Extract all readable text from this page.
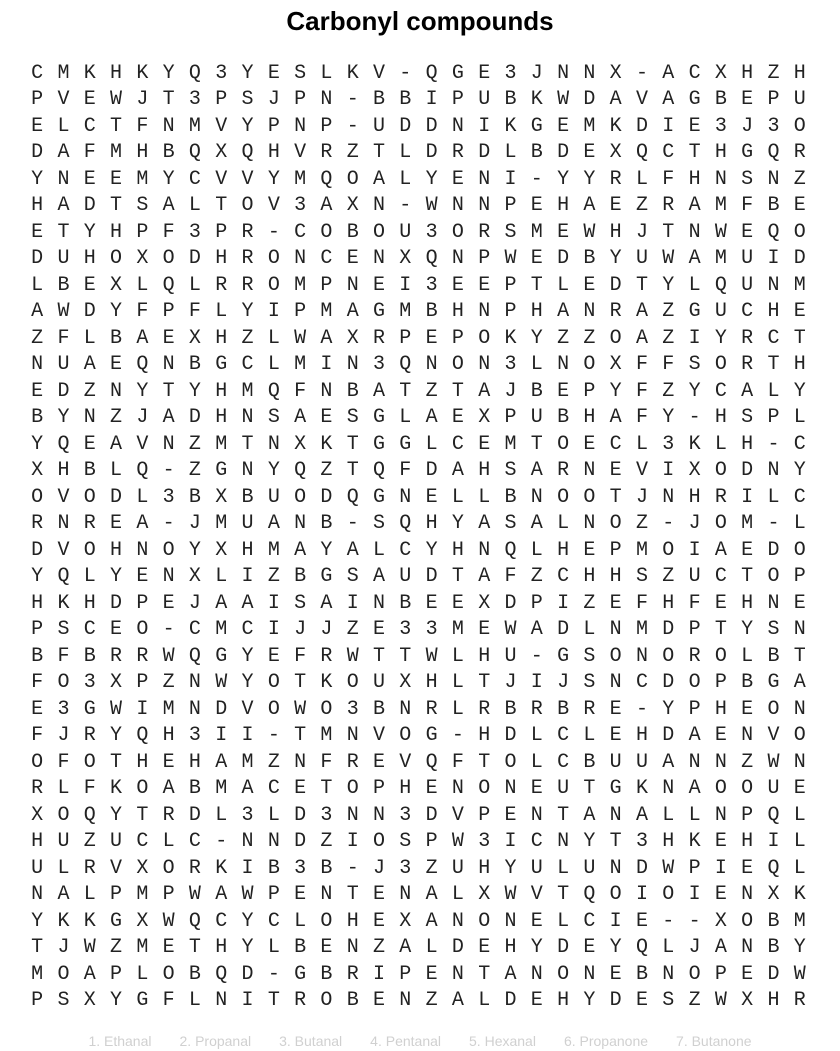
Carbonyl compounds
C M K H K Y Q 3 Y E S L K V - Q G E 3 J N N X - A C X H Z H
P V E W J T 3 P S J P N - B B I P U B K W D A V A G B E P U
E L C T F N M V Y P N P - U D D N I K G E M K D I E 3 J 3 O
D A F M H B Q X Q H V R Z T L D R D L B D E X Q C T H G Q R
Y N E E M Y C V V Y M Q O A L Y E N I - Y Y R L F H N S N Z
H A D T S A L T O V 3 A X N - W N N P E H A E Z R A M F B E
E T Y H P F 3 P R - C O B O U 3 O R S M E W H J T N W E Q O
D U H O X O D H R O N C E N X Q N P W E D B Y U W A M U I D
L B E X L Q L R R O M P N E I 3 E E P T L E D T Y L Q U N M
A W D Y F P F L Y I P M A G M B H N P H A N R A Z G U C H E
Z F L B A E X H Z L W A X R P E P O K Y Z Z O A Z I Y R C T
N U A E Q N B G C L M I N 3 Q N O N 3 L N O X F F S O R T H
E D Z N Y T Y H M Q F N B A T Z T A J B E P Y F Z Y C A L Y
B Y N Z J A D H N S A E S G L A E X P U B H A F Y - H S P L
Y Q E A V N Z M T N X K T G G L C E M T O E C L 3 K L H - C
X H B L Q - Z G N Y Q Z T Q F D A H S A R N E V I X O D N Y
O V O D L 3 B X B U O D Q G N E L L B N O O T J N H R I L C
R N R E A - J M U A N B - S Q H Y A S A L N O Z - J O M - L
D V O H N O Y X H M A Y A L C Y H N Q L H E P M O I A E D O
Y Q L Y E N X L I Z B G S A U D T A F Z C H H S Z U C T O P
H K H D P E J A A I S A I N B E E X D P I Z E F H F E H N E
P S C E O - C M C I J J Z E 3 3 M E W A D L N M D P T Y S N
B F B R R W Q G Y E F R W T T W L H U - G S O N O R O L B T
F O 3 X P Z N W Y O T K O U X H L T J I J S N C D O P B G A
E 3 G W I M N D V O W O 3 B N R L R B R B R E - Y P H E O N
F J R Y Q H 3 I I - T M N V O G - H D L C L E H D A E N V O
O F O T H E H A M Z N F R E V Q F T O L C B U U A N N Z W N
R L F K O A B M A C E T O P H E N O N E U T G K N A O O U E
X O Q Y T R D L 3 L D 3 N N 3 D V P E N T A N A L L N P Q L
H U Z U C L C - N N D Z I O S P W 3 I C N Y T 3 H K E H I L
U L R V X O R K I B 3 B - J 3 Z U H Y U L U N D W P I E Q L
N A L P M P W A W P E N T E N A L X W V T Q O I O I E N X K
Y K K G X W Q C Y C L O H E X A N O N E L C I E - - X O B M
T J W Z M E T H Y L B E N Z A L D E H Y D E Y Q L J A N B Y
M O A P L O B Q D - G B R I P E N T A N O N E B N O P E D W
P S X Y G F L N I T R O B E N Z A L D E H Y D E S Z W X H R
1. Ethanal 2. Propanal 3. Butanal 4. Pentanal 5. Hexanal 6. Propanone 7. Butanone
